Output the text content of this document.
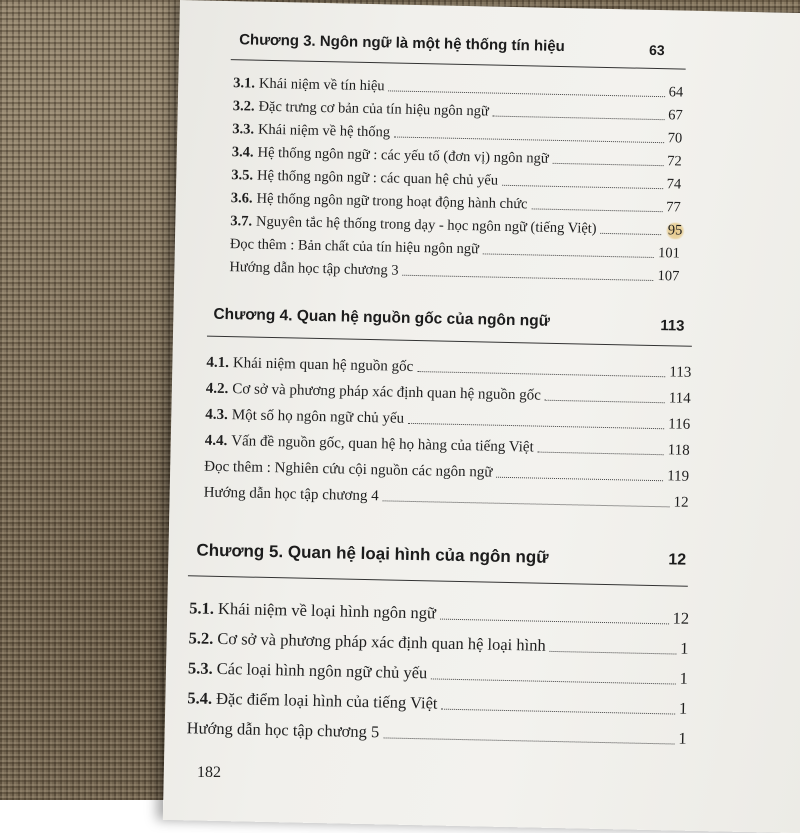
Chương 3. Ngôn ngữ là một hệ thống tín hiệu	63
3.1. Khái niệm về tín hiệu	64
3.2. Đặc trưng cơ bản của tín hiệu ngôn ngữ	67
3.3. Khái niệm về hệ thống	70
3.4. Hệ thống ngôn ngữ : các yếu tố (đơn vị) ngôn ngữ	72
3.5. Hệ thống ngôn ngữ : các quan hệ chủ yếu	74
3.6. Hệ thống ngôn ngữ trong hoạt động hành chức	77
3.7. Nguyên tắc hệ thống trong dạy - học ngôn ngữ (tiếng Việt)	95
Đọc thêm : Bản chất của tín hiệu ngôn ngữ	101
Hướng dẫn học tập chương 3	107
Chương 4. Quan hệ nguồn gốc của ngôn ngữ	113
4.1. Khái niệm quan hệ nguồn gốc	113
4.2. Cơ sở và phương pháp xác định quan hệ nguồn gốc	114
4.3. Một số họ ngôn ngữ chủ yếu	116
4.4. Vấn đề nguồn gốc, quan hệ họ hàng của tiếng Việt	118
Đọc thêm : Nghiên cứu cội nguồn các ngôn ngữ	119
Hướng dẫn học tập chương 4	12
Chương 5. Quan hệ loại hình của ngôn ngữ	12
5.1. Khái niệm về loại hình ngôn ngữ	12
5.2. Cơ sở và phương pháp xác định quan hệ loại hình	1
5.3. Các loại hình ngôn ngữ chủ yếu	1
5.4. Đặc điểm loại hình của tiếng Việt	1
Hướng dẫn học tập chương 5	1
182
